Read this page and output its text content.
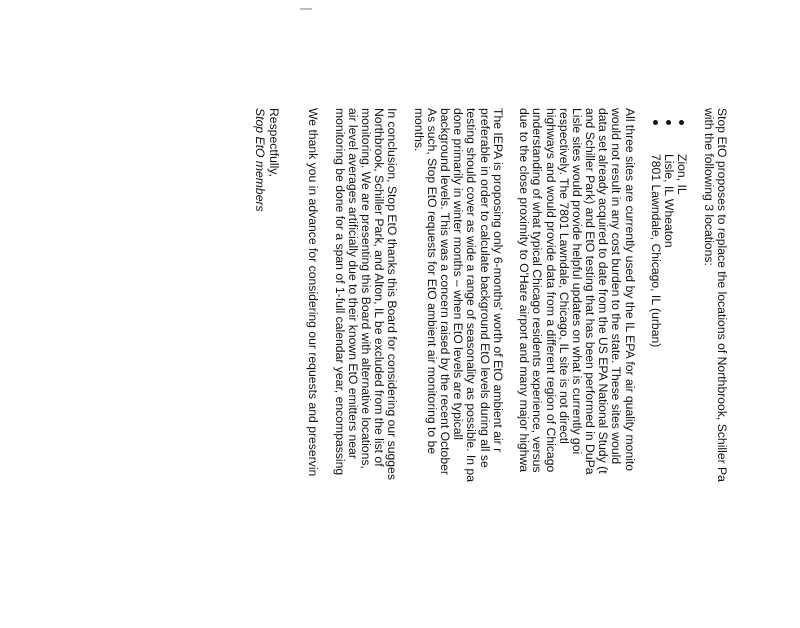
Stop EtO proposes to replace the locations of Northbrook, Schiller Pa
with the following 3 locations:
Zion, IL
Lisle, IL Wheaton
7801 Lawndale, Chicago, IL (urban)
All three sites are currently used by the IL EPA for air quality monito
would not result in any cost burden to the state. These sites would
data set already acquired to date from the US EPA National Study (t
and Schiller Park) and EtO testing that has been performed in DuPa
Lisle sites would provide helpful updates on what is currently goi
respectively. The 7801 Lawndale, Chicago, IL site is not directl
highways and would provide data from a different region of Chicago
understanding of what typical Chicago residents experience, versus
due to the close proximity to O'Hare airport and many major highwa
The IEPA is proposing only 6-months' worth of EtO ambient air r
preferable in order to calculate background EtO levels during all se
testing should cover as wide a range of seasonality as possible. In pa
done primarily in winter months – when EtO levels are typicall
background levels. This was a concern raised by the recent October
As such, Stop EtO requests for EtO ambient air monitoring to be
months.
In conclusion, Stop EtO thanks this Board for considering our sugges
Northbrook, Schiller Park, and Alton, IL be excluded from the list of
monitoring. We are presenting this Board with alternative locations,
air level averages artificially due to their known EtO emitters near
monitoring be done for a span of 1-full calendar year, encompassing
We thank you in advance for considering our requests and preservin
Respectfully,
Stop EtO members
